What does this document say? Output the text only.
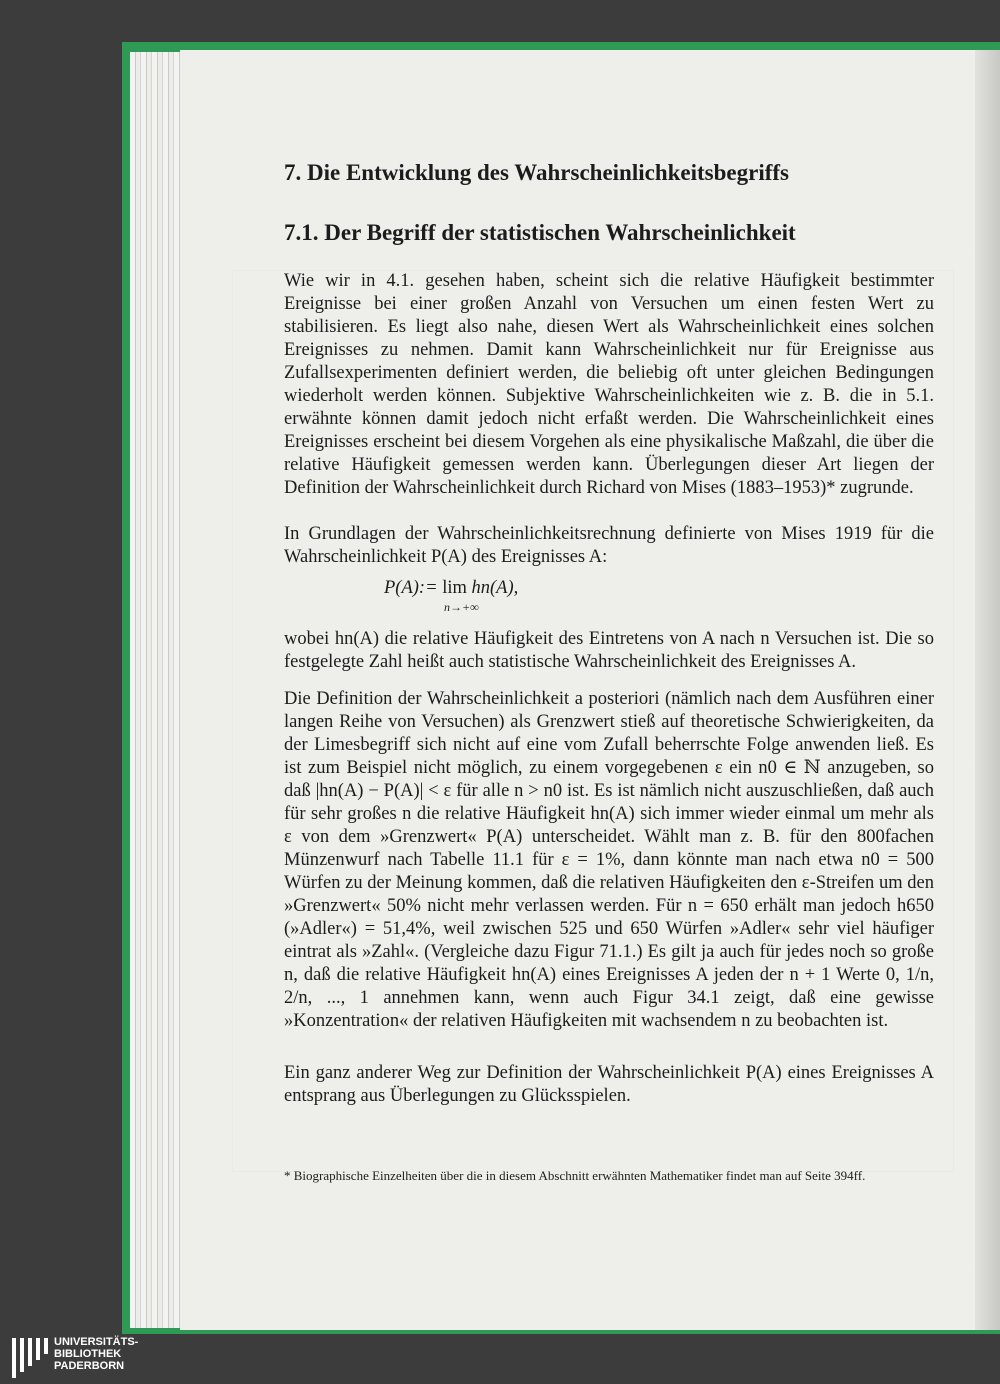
7. Die Entwicklung des Wahrscheinlichkeitsbegriffs
7.1. Der Begriff der statistischen Wahrscheinlichkeit

Wie wir in 4.1. gesehen haben, scheint sich die relative Häufigkeit bestimmter Ereignisse bei einer großen Anzahl von Versuchen um einen festen Wert zu stabilisieren. Es liegt also nahe, diesen Wert als Wahrscheinlichkeit eines solchen Ereignisses zu nehmen. Damit kann Wahrscheinlichkeit nur für Ereignisse aus Zufallsexperimenten definiert werden, die beliebig oft unter gleichen Bedingungen wiederholt werden können. Subjektive Wahrscheinlichkeiten wie z. B. die in 5.1. erwähnte können damit jedoch nicht erfaßt werden. Die Wahrscheinlichkeit eines Ereignisses erscheint bei diesem Vorgehen als eine physikalische Maßzahl, die über die relative Häufigkeit gemessen werden kann. Überlegungen dieser Art liegen der Definition der Wahrscheinlichkeit durch Richard von Mises (1883–1953)* zugrunde.

In Grundlagen der Wahrscheinlichkeitsrechnung definierte von Mises 1919 für die Wahrscheinlichkeit P(A) des Ereignisses A:

P(A):= lim hn(A),
n→+∞

wobei hn(A) die relative Häufigkeit des Eintretens von A nach n Versuchen ist. Die so festgelegte Zahl heißt auch statistische Wahrscheinlichkeit des Ereignisses A.

Die Definition der Wahrscheinlichkeit a posteriori (nämlich nach dem Ausführen einer langen Reihe von Versuchen) als Grenzwert stieß auf theoretische Schwierigkeiten, da der Limesbegriff sich nicht auf eine vom Zufall beherrschte Folge anwenden ließ. Es ist zum Beispiel nicht möglich, zu einem vorgegebenen ε ein n0 ∈ ℕ anzugeben, so daß |hn(A) − P(A)| < ε für alle n > n0 ist. Es ist nämlich nicht auszuschließen, daß auch für sehr großes n die relative Häufigkeit hn(A) sich immer wieder einmal um mehr als ε von dem »Grenzwert« P(A) unterscheidet. Wählt man z. B. für den 800fachen Münzenwurf nach Tabelle 11.1 für ε = 1%, dann könnte man nach etwa n0 = 500 Würfen zu der Meinung kommen, daß die relativen Häufigkeiten den ε-Streifen um den »Grenzwert« 50% nicht mehr verlassen werden. Für n = 650 erhält man jedoch h650 (»Adler«) = 51,4%, weil zwischen 525 und 650 Würfen »Adler« sehr viel häufiger eintrat als »Zahl«. (Vergleiche dazu Figur 71.1.) Es gilt ja auch für jedes noch so große n, daß die relative Häufigkeit hn(A) eines Ereignisses A jeden der n + 1 Werte 0, 1/n, 2/n, ..., 1 annehmen kann, wenn auch Figur 34.1 zeigt, daß eine gewisse »Konzentration« der relativen Häufigkeiten mit wachsendem n zu beobachten ist.

Ein ganz anderer Weg zur Definition der Wahrscheinlichkeit P(A) eines Ereignisses A entsprang aus Überlegungen zu Glücksspielen.

* Biographische Einzelheiten über die in diesem Abschnitt erwähnten Mathematiker findet man auf Seite 394ff.
UNIVERSITÄTS-
BIBLIOTHEK
PADERBORN
